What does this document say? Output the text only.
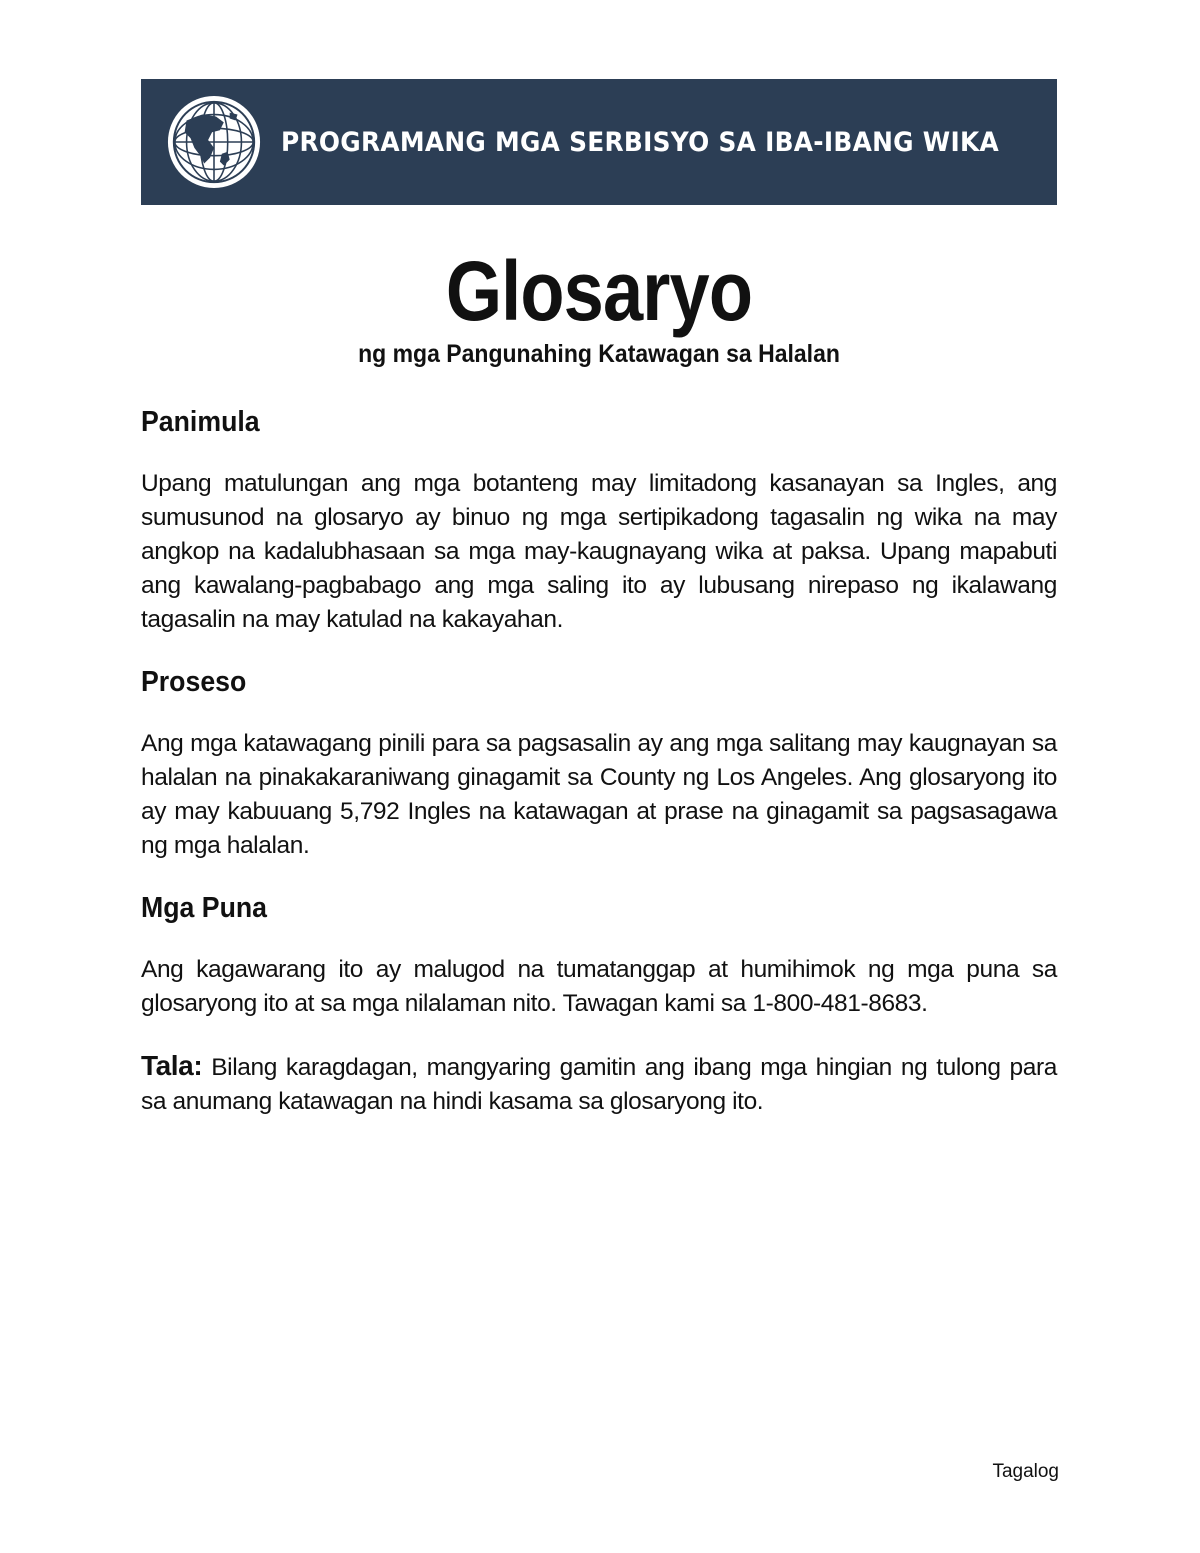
PROGRAMANG MGA SERBISYO SA IBA-IBANG WIKA
Glosaryo
ng mga Pangunahing Katawagan sa Halalan
Panimula
Upang matulungan ang mga botanteng may limitadong kasanayan sa Ingles, ang sumusunod na glosaryo ay binuo ng mga sertipikadong tagasalin ng wika na may angkop na kadalubhasaan sa mga may-kaugnayang wika at paksa. Upang mapabuti ang kawalang-pagbabago ang mga saling ito ay lubusang nirepaso ng ikalawang tagasalin na may katulad na kakayahan.
Proseso
Ang mga katawagang pinili para sa pagsasalin ay ang mga salitang may kaugnayan sa halalan na pinakakaraniwang ginagamit sa County ng Los Angeles. Ang glosaryong ito ay may kabuuang 5,792 Ingles na katawagan at prase na ginagamit sa pagsasagawa ng mga halalan.
Mga Puna
Ang kagawarang ito ay malugod na tumatanggap at humihimok ng mga puna sa glosaryong ito at sa mga nilalaman nito. Tawagan kami sa 1-800-481-8683.
Tala: Bilang karagdagan, mangyaring gamitin ang ibang mga hingian ng tulong para sa anumang katawagan na hindi kasama sa glosaryong ito.
Tagalog
